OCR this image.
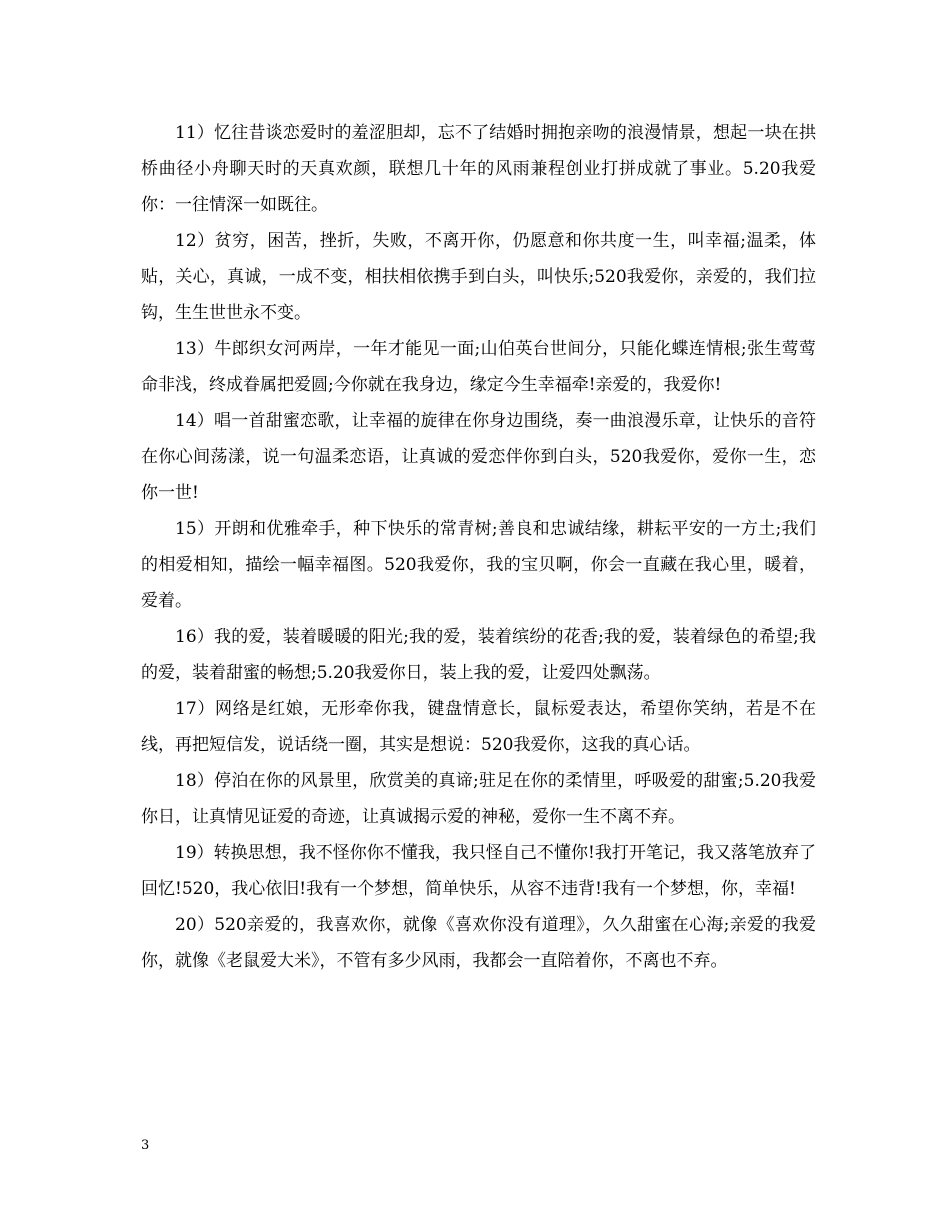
11）忆往昔谈恋爱时的羞涩胆却，忘不了结婚时拥抱亲吻的浪漫情景，想起一块在拱桥曲径小舟聊天时的天真欢颜，联想几十年的风雨兼程创业打拼成就了事业。5.20我爱你：一往情深一如既往。

12）贫穷，困苦，挫折，失败，不离开你，仍愿意和你共度一生，叫幸福;温柔，体贴，关心，真诚，一成不变，相扶相依携手到白头，叫快乐;520我爱你，亲爱的，我们拉钩，生生世世永不变。

13）牛郎织女河两岸，一年才能见一面;山伯英台世间分，只能化蝶连情根;张生莺莺命非浅，终成眷属把爱圆;今你就在我身边，缘定今生幸福牵!亲爱的，我爱你!

14）唱一首甜蜜恋歌，让幸福的旋律在你身边围绕，奏一曲浪漫乐章，让快乐的音符在你心间荡漾，说一句温柔恋语，让真诚的爱恋伴你到白头，520我爱你，爱你一生，恋你一世!

15）开朗和优雅牵手，种下快乐的常青树;善良和忠诚结缘，耕耘平安的一方土;我们的相爱相知，描绘一幅幸福图。520我爱你，我的宝贝啊，你会一直藏在我心里，暖着，爱着。

16）我的爱，装着暖暖的阳光;我的爱，装着缤纷的花香;我的爱，装着绿色的希望;我的爱，装着甜蜜的畅想;5.20我爱你日，装上我的爱，让爱四处飘荡。

17）网络是红娘，无形牵你我，键盘情意长，鼠标爱表达，希望你笑纳，若是不在线，再把短信发，说话绕一圈，其实是想说：520我爱你，这我的真心话。

18）停泊在你的风景里，欣赏美的真谛;驻足在你的柔情里，呼吸爱的甜蜜;5.20我爱你日，让真情见证爱的奇迹，让真诚揭示爱的神秘，爱你一生不离不弃。

19）转换思想，我不怪你你不懂我，我只怪自己不懂你!我打开笔记，我又落笔放弃了回忆!520，我心依旧!我有一个梦想，简单快乐，从容不违背!我有一个梦想，你，幸福!

20）520亲爱的，我喜欢你，就像《喜欢你没有道理》，久久甜蜜在心海;亲爱的我爱你，就像《老鼠爱大米》，不管有多少风雨，我都会一直陪着你，不离也不弃。

3
